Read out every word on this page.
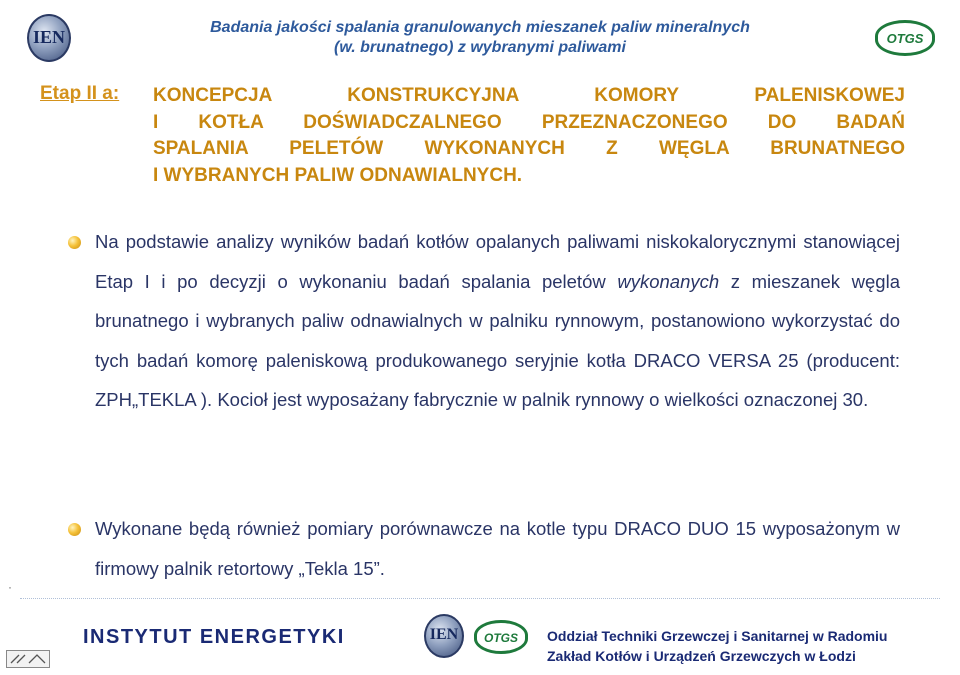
IEN	OTGS
Badania jakości spalania granulowanych mieszanek paliw mineralnych
(w. brunatnego) z wybranymi paliwami
Etap II a: KONCEPCJA KONSTRUKCYJNA KOMORY PALENISKOWEJ
I KOTŁA DOŚWIADCZALNEGO PRZEZNACZONEGO DO BADAŃ
SPALANIA PELETÓW WYKONANYCH Z WĘGLA BRUNATNEGO
I WYBRANYCH PALIW ODNAWIALNYCH.
Na podstawie analizy wyników badań kotłów opalanych paliwami niskokalorycznymi stanowiącej Etap I i po decyzji o wykonaniu badań spalania peletów wykonanych z mieszanek węgla brunatnego i wybranych paliw odnawialnych w palniku rynnowym, postanowiono wykorzystać do tych badań komorę paleniskową produkowanego seryjnie kotła DRACO VERSA 25 (producent: ZPH„TEKLA ). Kocioł jest wyposażany fabrycznie w palnik rynnowy o wielkości oznaczonej 30.
Wykonane będą również pomiary porównawcze na kotle typu DRACO DUO 15 wyposażonym w firmowy palnik retortowy „Tekla 15”.
·
INSTYTUT ENERGETYKI	IEN	OTGS	Oddział Techniki Grzewczej i Sanitarnej w Radomiu
Zakład Kotłów i Urządzeń Grzewczych w Łodzi
